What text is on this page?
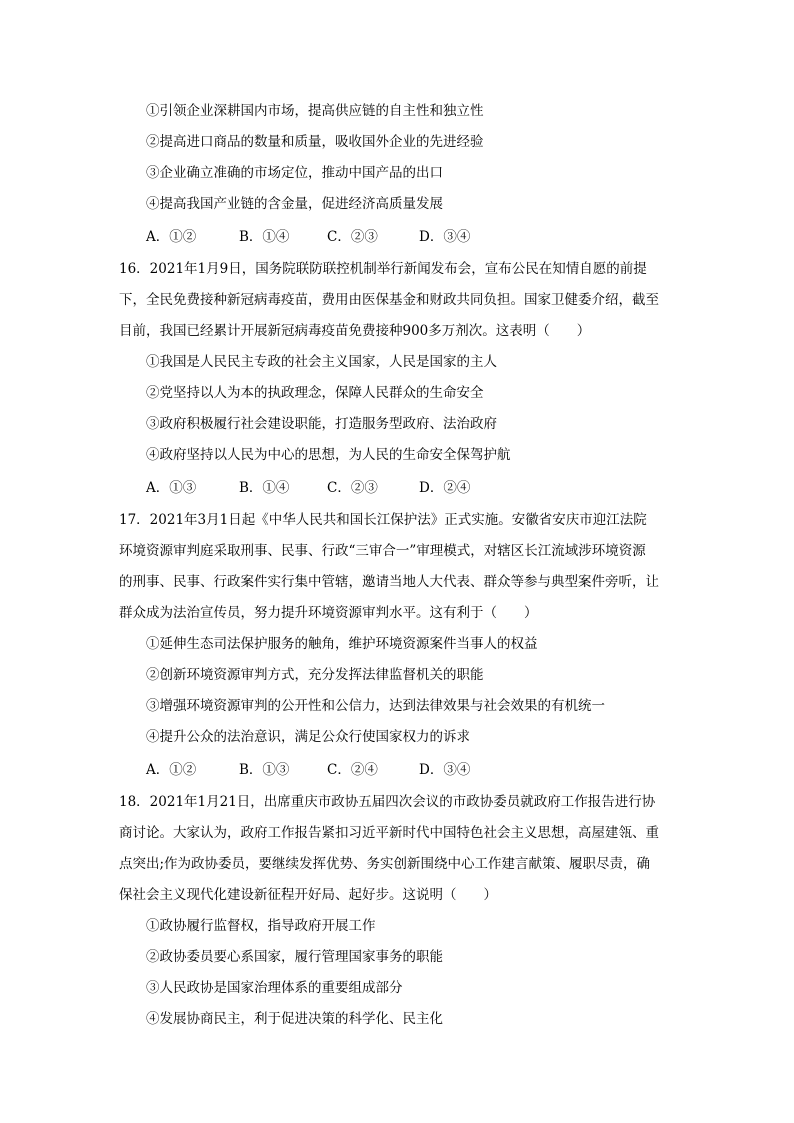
①引领企业深耕国内市场，提高供应链的自主性和独立性
②提高进口商品的数量和质量，吸收国外企业的先进经验
③企业确立准确的市场定位，推动中国产品的出口
④提高我国产业链的含金量，促进经济高质量发展
A．①②	B．①④	C．②③	D．③④
16．2021年1月9日，国务院联防联控机制举行新闻发布会，宣布公民在知情自愿的前提
下，全民免费接种新冠病毒疫苗，费用由医保基金和财政共同负担。国家卫健委介绍，截至
目前，我国已经累计开展新冠病毒疫苗免费接种900多万剂次。这表明（　　）
①我国是人民民主专政的社会主义国家，人民是国家的主人
②党坚持以人为本的执政理念，保障人民群众的生命安全
③政府积极履行社会建设职能，打造服务型政府、法治政府
④政府坚持以人民为中心的思想，为人民的生命安全保驾护航
A．①③	B．①④	C．②③	D．②④
17．2021年3月1日起《中华人民共和国长江保护法》正式实施。安徽省安庆市迎江法院
环境资源审判庭采取刑事、民事、行政“三审合一”审理模式，对辖区长江流域涉环境资源
的刑事、民事、行政案件实行集中管辖，邀请当地人大代表、群众等参与典型案件旁听，让
群众成为法治宣传员，努力提升环境资源审判水平。这有利于（　　）
①延伸生态司法保护服务的触角，维护环境资源案件当事人的权益
②创新环境资源审判方式，充分发挥法律监督机关的职能
③增强环境资源审判的公开性和公信力，达到法律效果与社会效果的有机统一
④提升公众的法治意识，满足公众行使国家权力的诉求
A．①②	B．①③	C．②④	D．③④
18．2021年1月21日，出席重庆市政协五届四次会议的市政协委员就政府工作报告进行协
商讨论。大家认为，政府工作报告紧扣习近平新时代中国特色社会主义思想，高屋建瓴、重
点突出;作为政协委员，要继续发挥优势、务实创新围绕中心工作建言献策、履职尽责，确
保社会主义现代化建设新征程开好局、起好步。这说明（　　）
①政协履行监督权，指导政府开展工作
②政协委员要心系国家，履行管理国家事务的职能
③人民政协是国家治理体系的重要组成部分
④发展协商民主，利于促进决策的科学化、民主化
